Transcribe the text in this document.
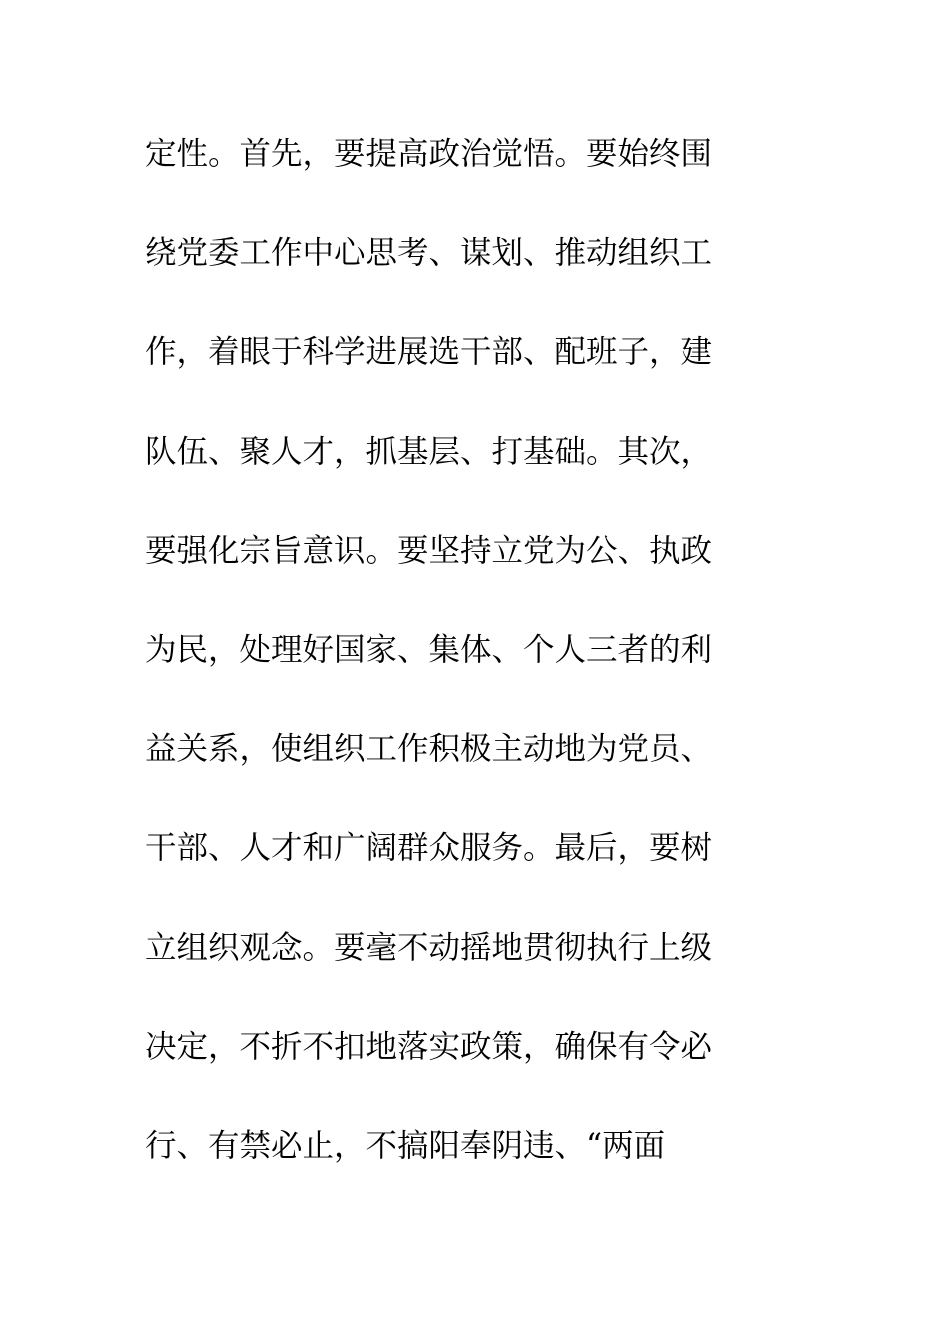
定性。首先，要提高政治觉悟。要始终围
绕党委工作中心思考、谋划、推动组织工
作，着眼于科学进展选干部、配班子，建
队伍、聚人才，抓基层、打基础。其次，
要强化宗旨意识。要坚持立党为公、执政
为民，处理好国家、集体、个人三者的利
益关系，使组织工作积极主动地为党员、
干部、人才和广阔群众服务。最后，要树
立组织观念。要毫不动摇地贯彻执行上级
决定，不折不扣地落实政策，确保有令必
行、有禁必止，不搞阳奉阴违、“两面
